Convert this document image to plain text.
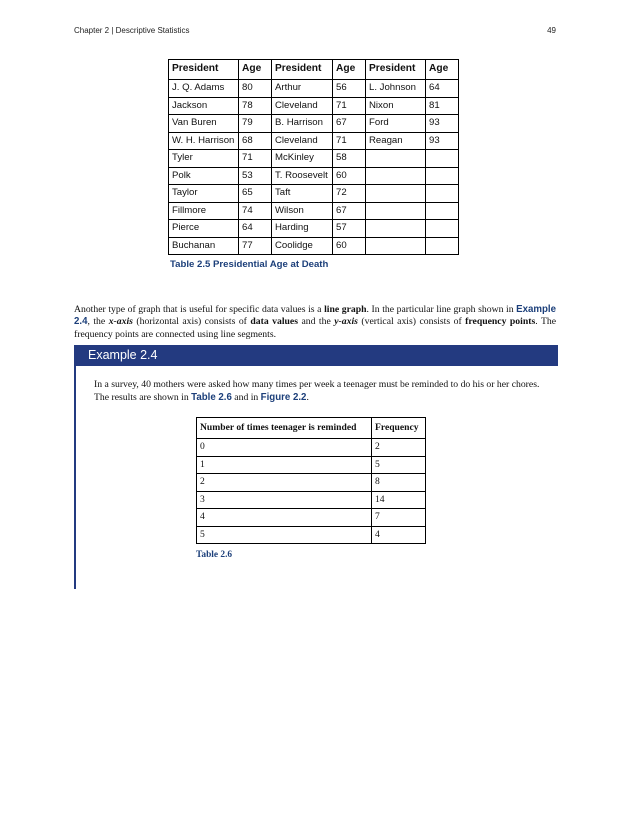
Chapter 2 | Descriptive Statistics	49
President	Age	President	Age	President	Age
J. Q. Adams	80	Arthur	56	L. Johnson	64
Jackson	78	Cleveland	71	Nixon	81
Van Buren	79	B. Harrison	67	Ford	93
W. H. Harrison	68	Cleveland	71	Reagan	93
Tyler	71	McKinley	58		
Polk	53	T. Roosevelt	60		
Taylor	65	Taft	72		
Fillmore	74	Wilson	67		
Pierce	64	Harding	57		
Buchanan	77	Coolidge	60		
Table 2.5 Presidential Age at Death

Another type of graph that is useful for specific data values is a line graph. In the particular line graph shown in Example 2.4, the x-axis (horizontal axis) consists of data values and the y-axis (vertical axis) consists of frequency points. The frequency points are connected using line segments.

Example 2.4

In a survey, 40 mothers were asked how many times per week a teenager must be reminded to do his or her chores. The results are shown in Table 2.6 and in Figure 2.2.

Number of times teenager is reminded	Frequency
0	2
1	5
2	8
3	14
4	7
5	4
Table 2.6
